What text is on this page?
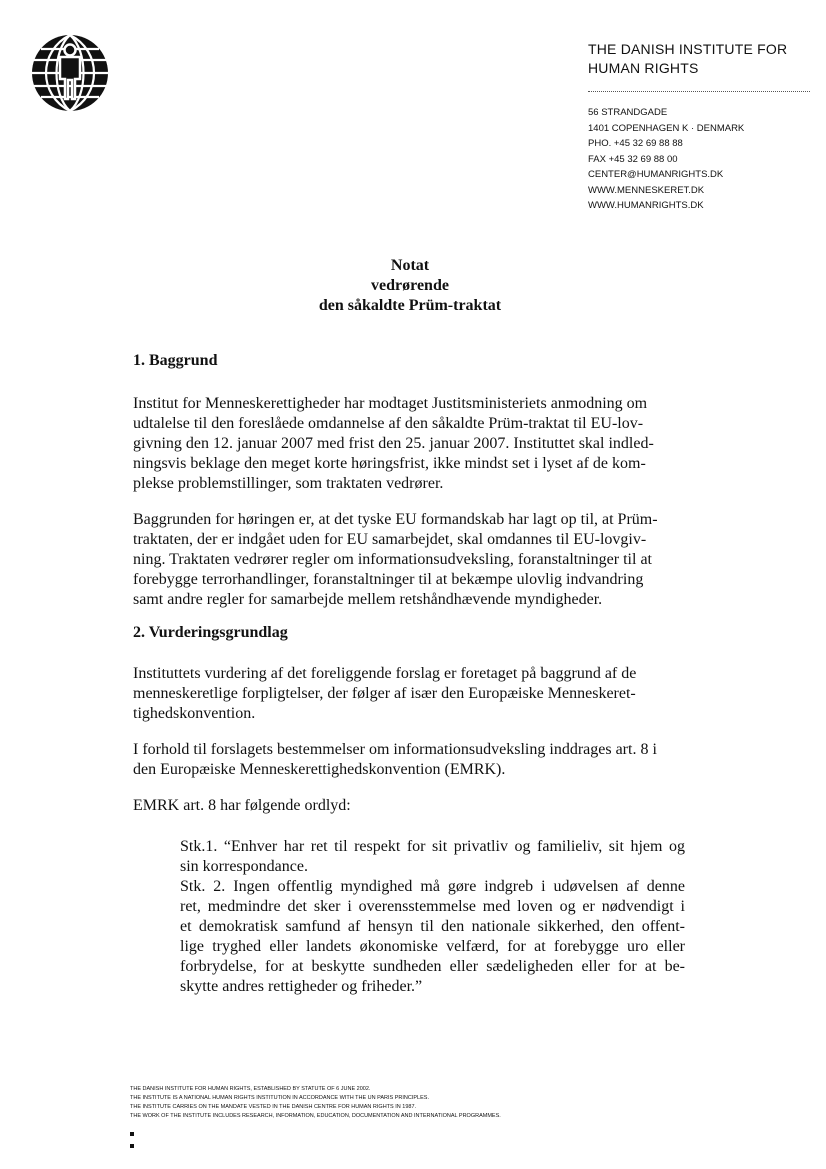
THE DANISH INSTITUTE FOR
HUMAN RIGHTS
56 STRANDGADE
1401 COPENHAGEN K · DENMARK
PHO. +45 32 69 88 88
FAX +45 32 69 88 00
CENTER@HUMANRIGHTS.DK
WWW.MENNESKERET.DK
WWW.HUMANRIGHTS.DK
Notat
vedrørende
den såkaldte Prüm-traktat
1. Baggrund
Institut for Menneskerettigheder har modtaget Justitsministeriets anmodning om
udtalelse til den foreslåede omdannelse af den såkaldte Prüm-traktat til EU-lov-
givning den 12. januar 2007 med frist den 25. januar 2007. Instituttet skal indled-
ningsvis beklage den meget korte høringsfrist, ikke mindst set i lyset af de kom-
plekse problemstillinger, som traktaten vedrører.
Baggrunden for høringen er, at det tyske EU formandskab har lagt op til, at Prüm-
traktaten, der er indgået uden for EU samarbejdet, skal omdannes til EU-lovgiv-
ning. Traktaten vedrører regler om informationsudveksling, foranstaltninger til at
forebygge terrorhandlinger, foranstaltninger til at bekæmpe ulovlig indvandring
samt andre regler for samarbejde mellem retshåndhævende myndigheder.
2. Vurderingsgrundlag
Instituttets vurdering af det foreliggende forslag er foretaget på baggrund af de
menneskeretlige forpligtelser, der følger af især den Europæiske Menneskeret-
tighedskonvention.
I forhold til forslagets bestemmelser om informationsudveksling inddrages art. 8 i
den Europæiske Menneskerettighedskonvention (EMRK).
EMRK art. 8 har følgende ordlyd:
Stk.1. “Enhver har ret til respekt for sit privatliv og familieliv, sit hjem og
sin korrespondance.
Stk. 2. Ingen offentlig myndighed må gøre indgreb i udøvelsen af denne
ret, medmindre det sker i overensstemmelse med loven og er nødvendigt i
et demokratisk samfund af hensyn til den nationale sikkerhed, den offent-
lige tryghed eller landets økonomiske velfærd, for at forebygge uro eller
forbrydelse, for at beskytte sundheden eller sædeligheden eller for at be-
skytte andres rettigheder og friheder.”
THE DANISH INSTITUTE FOR HUMAN RIGHTS, ESTABLISHED BY STATUTE OF 6 JUNE 2002.
THE INSTITUTE IS A NATIONAL HUMAN RIGHTS INSTITUTION IN ACCORDANCE WITH THE UN PARIS PRINCIPLES.
THE INSTITUTE CARRIES ON THE MANDATE VESTED IN THE DANISH CENTRE FOR HUMAN RIGHTS IN 1987.
THE WORK OF THE INSTITUTE INCLUDES RESEARCH, INFORMATION, EDUCATION, DOCUMENTATION AND INTERNATIONAL PROGRAMMES.
